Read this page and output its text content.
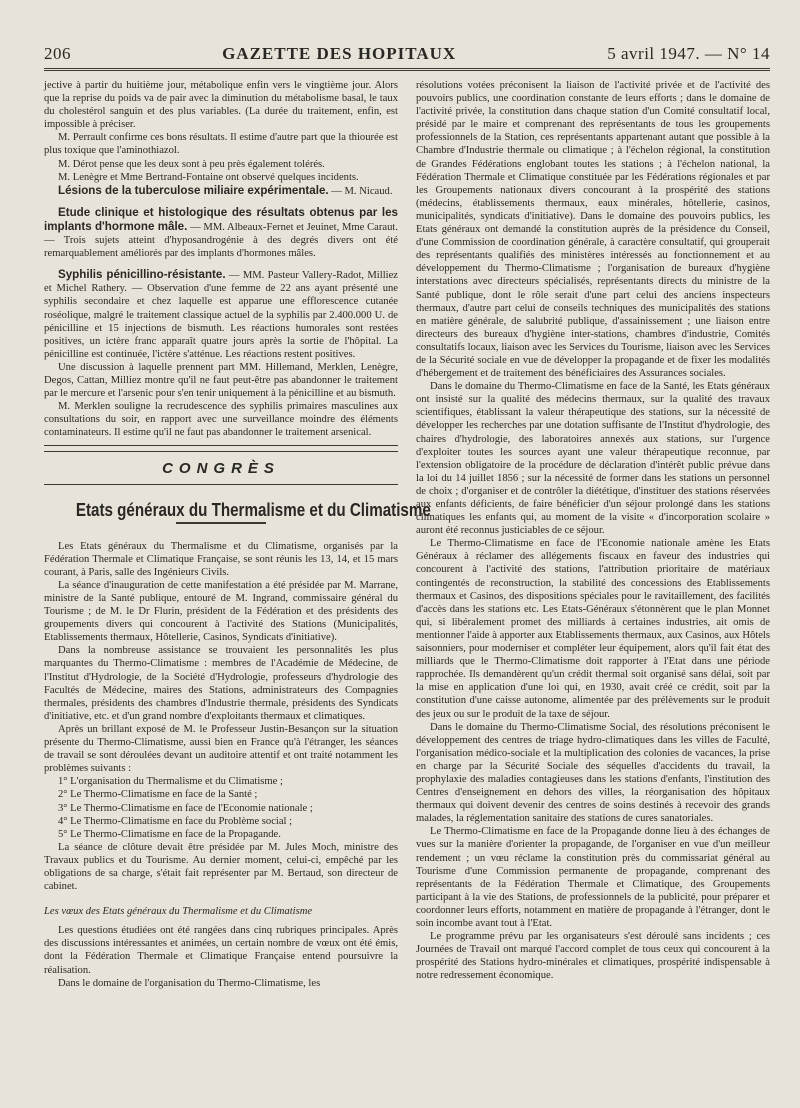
206	GAZETTE DES HOPITAUX	5 avril 1947. — N° 14

jective à partir du huitième jour, métabolique enfin vers le vingtième jour. Alors que la reprise du poids va de pair avec la diminution du métabolisme basal, le taux du cholestérol sanguin et des plus variables. (La durée du traitement, enfin, est impossible à préciser.

M. Perrault confirme ces bons résultats. Il estime d'autre part que la thiourée est plus toxique que l'aminothiazol.

M. Dérot pense que les deux sont à peu près également tolérés.

M. Lenègre et Mme Bertrand-Fontaine ont observé quelques incidents.

Lésions de la tuberculose miliaire expérimentale. — M. Nicaud.

Etude clinique et histologique des résultats obtenus par les implants d'hormone mâle. — MM. Albeaux-Fernet et Jeuinet, Mme Caraut. — Trois sujets atteint d'hyposandrogénie à des degrés divers ont été remarquablement améliorés par des implants d'hormones mâles.

Syphilis pénicillino-résistante. — MM. Pasteur Vallery-Radot, Milliez et Michel Rathery. — Observation d'une femme de 22 ans ayant présenté une syphilis secondaire et chez laquelle est apparue une efflorescence cutanée roséolique, malgré le traitement classique actuel de la syphilis par 2.400.000 U. de pénicilline et 15 injections de bismuth. Les réactions humorales sont restées positives, un ictère franc apparaît quatre jours après la sortie de l'hôpital. La pénicilline est continuée, l'ictère s'atténue. Les réactions restent positives.

Une discussion à laquelle prennent part MM. Hillemand, Merklen, Lenègre, Degos, Cattan, Milliez montre qu'il ne faut peut-être pas abandonner le traitement par le mercure et l'arsenic pour s'en tenir uniquement à la pénicilline et au bismuth.

M. Merklen souligne la recrudescence des syphilis primaires masculines aux consultations du soir, en rapport avec une surveillance moindre des éléments contaminateurs. Il estime qu'il ne faut pas abandonner le traitement arsenical.

CONGRÈS
Etats généraux du Thermalisme et du Climatisme

Les Etats généraux du Thermalisme et du Climatisme, organisés par la Fédération Thermale et Climatique Française, se sont réunis les 13, 14, et 15 mars courant, à Paris, salle des Ingénieurs Civils.

La séance d'inauguration de cette manifestation a été présidée par M. Marrane, ministre de la Santé publique, entouré de M. Ingrand, commissaire général du Tourisme ; de M. le Dr Flurin, président de la Fédération et des présidents des groupements divers qui concourent à l'activité des Stations (Municipalités, Etablissements thermaux, Hôtellerie, Casinos, Syndicats d'initiative).

Dans la nombreuse assistance se trouvaient les personnalités les plus marquantes du Thermo-Climatisme : membres de l'Académie de Médecine, de l'Institut d'Hydrologie, de la Société d'Hydrologie, professeurs d'hydrologie des Facultés de Médecine, maires des Stations, administrateurs des Compagnies thermales, présidents des chambres d'Industrie thermale, présidents des Syndicats d'initiative, etc. et d'un grand nombre d'exploitants thermaux et climatiques.

Après un brillant exposé de M. le Professeur Justin-Besançon sur la situation présente du Thermo-Climatisme, aussi bien en France qu'à l'étranger, les séances de travail se sont déroulées devant un auditoire attentif et ont traité notamment les problèmes suivants :

1° L'organisation du Thermalisme et du Climatisme ;

2° Le Thermo-Climatisme en face de la Santé ;

3° Le Thermo-Climatisme en face de l'Economie nationale ;

4° Le Thermo-Climatisme en face du Problème social ;

5° Le Thermo-Climatisme en face de la Propagande.

La séance de clôture devait être présidée par M. Jules Moch, ministre des Travaux publics et du Tourisme. Au dernier moment, celui-ci, empêché par les obligations de sa charge, s'était fait représenter par M. Bertaud, son directeur de cabinet.

Les vœux des Etats généraux du Thermalisme et du Climatisme

Les questions étudiées ont été rangées dans cinq rubriques principales. Après des discussions intéressantes et animées, un certain nombre de vœux ont été émis, dont la Fédération Thermale et Climatique Française entend poursuivre la réalisation.

Dans le domaine de l'organisation du Thermo-Climatisme, les

résolutions votées préconisent la liaison de l'activité privée et de l'activité des pouvoirs publics, une coordination constante de leurs efforts ; dans le domaine de l'activité privée, la constitution dans chaque station d'un Comité consultatif local, présidé par le maire et comprenant des représentants de tous les groupements professionnels de la Station, ces représentants appartenant autant que possible à la Chambre d'Industrie thermale ou climatique ; à l'échelon régional, la constitution de Grandes Fédérations englobant toutes les stations ; à l'échelon national, la Fédération Thermale et Climatique constituée par les Fédérations régionales et par les Groupements nationaux divers concourant à la prospérité des stations (médecins, établissements thermaux, eaux minérales, hôtellerie, casinos, municipalités, syndicats d'initiative). Dans le domaine des pouvoirs publics, les Etats généraux ont demandé la constitution auprès de la présidence du Conseil, d'une Commission de coordination générale, à caractère consultatif, qui grouperait des représentants qualifiés des ministères intéressés au fonctionnement et au développement du Thermo-Climatisme ; l'organisation de bureaux d'hygiène interstations avec directeurs spécialisés, représentants directs du ministre de la Santé publique, dont le rôle serait d'une part celui des anciens inspecteurs thermaux, d'autre part celui de conseils techniques des municipalités des stations en matière générale, de salubrité publique, d'assainissement ; une liaison entre directeurs des bureaux d'hygiène inter-stations, chambres d'industrie, Comités consultatifs locaux, liaison avec les Services du Tourisme, liaison avec les Services de la Sécurité sociale en vue de développer la propagande et de fixer les modalités d'hébergement et de traitement des bénéficiaires des Assurances sociales.

Dans le domaine du Thermo-Climatisme en face de la Santé, les Etats généraux ont insisté sur la qualité des médecins thermaux, sur la qualité des travaux scientifiques, établissant la valeur thérapeutique des stations, sur la nécessité de développer les recherches par une dotation suffisante de l'Institut d'hydrologie, des chaires d'hydrologie, des laboratoires annexés aux stations, sur l'urgence d'exploiter toutes les sources ayant une valeur thérapeutique reconnue, par l'extension obligatoire de la procédure de déclaration d'intérêt public prévue dans la loi du 14 juillet 1856 ; sur la nécessité de former dans les stations un personnel de choix ; d'organiser et de contrôler la diététique, d'instituer des stations réservées aux enfants déficients, de faire bénéficier d'un séjour prolongé dans les stations climatiques les enfants qui, au moment de la visite « d'incorporation scolaire » auront été reconnus justiciables de ce séjour.

Le Thermo-Climatisme en face de l'Economie nationale amène les Etats Généraux à réclamer des allégements fiscaux en faveur des industries qui concourent à l'activité des stations, l'attribution prioritaire de matériaux contingentés de reconstruction, la stabilité des concessions des Etablissements thermaux et Casinos, des dispositions spéciales pour le ravitaillement, des facilités d'accès dans les stations etc. Les Etats-Généraux s'étonnèrent que le plan Monnet qui, si libéralement promet des milliards à certaines industries, ait omis de mentionner l'aide à apporter aux Etablissements thermaux, aux Casinos, aux Hôtels saisonniers, pour moderniser et compléter leur équipement, alors qu'il fait état des milliards que le Thermo-Climatisme doit rapporter à l'Etat dans une période rapprochée. Ils demandèrent qu'un crédit thermal soit organisé sans délai, soit par la mise en application d'une loi qui, en 1930, avait créé ce crédit, soit par la constitution d'une caisse autonome, alimentée par des prélèvements sur le produit des jeux ou sur le produit de la taxe de séjour.

Dans le domaine du Thermo-Climatisme Social, des résolutions préconisent le développement des centres de triage hydro-climatiques dans les villes de Faculté, l'organisation médico-sociale et la multiplication des colonies de vacances, la prise en charge par la Sécurité Sociale des séquelles d'accidents du travail, la prophylaxie des maladies contagieuses dans les stations d'enfants, l'institution des Centres d'enseignement en dehors des villes, la réorganisation des hôpitaux thermaux qui doivent devenir des centres de soins destinés à recevoir des grands malades, la réglementation sanitaire des stations de cures sanatoriales.

Le Thermo-Climatisme en face de la Propagande donne lieu à des échanges de vues sur la manière d'orienter la propagande, de l'organiser en vue d'un meilleur rendement ; un vœu réclame la constitution près du commissariat général au Tourisme d'une Commission permanente de propagande, comprenant des représentants de la Fédération Thermale et Climatique, des Groupements participant à la vie des Stations, de professionnels de la publicité, pour préparer et coordonner leurs efforts, notamment en matière de propagande à l'étranger, dont le soin incombe avant tout à l'Etat.

Le programme prévu par les organisateurs s'est déroulé sans incidents ; ces Journées de Travail ont marqué l'accord complet de tous ceux qui concourent à la prospérité des Stations hydro-minérales et climatiques, prospérité indispensable à notre redressement économique.
